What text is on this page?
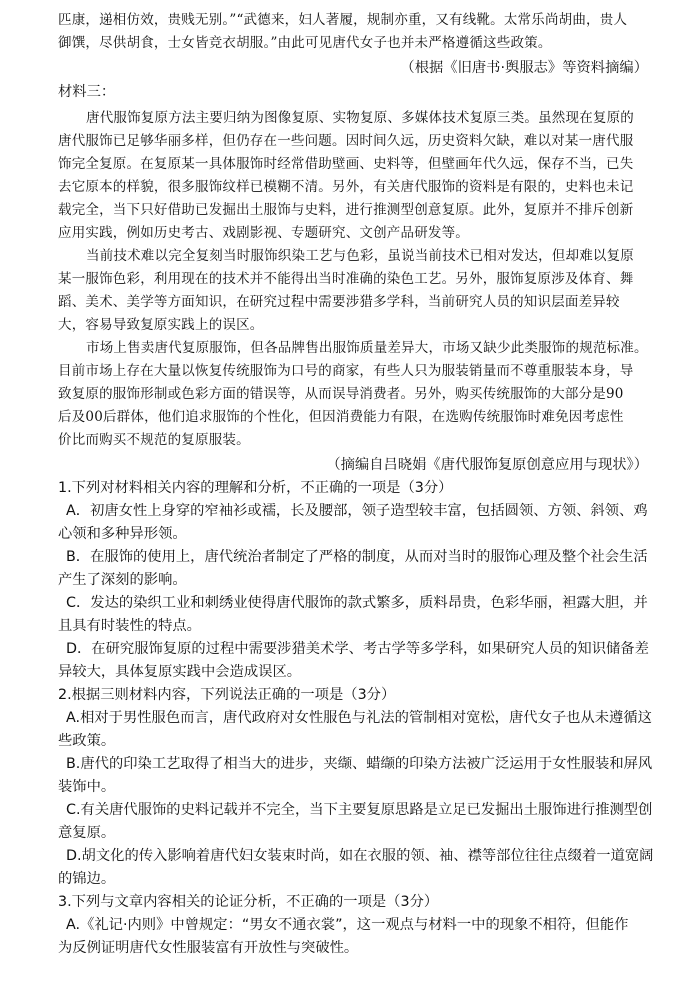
匹康，递相仿效，贵贱无别。”“武德来，妇人著履，规制亦重，又有线靴。太常乐尚胡曲，贵人
御馔，尽供胡食，士女皆竞衣胡服。”由此可见唐代女子也并未严格遵循这些政策。
（根据《旧唐书·舆服志》等资料摘编）
材料三：
唐代服饰复原方法主要归纳为图像复原、实物复原、多媒体技术复原三类。虽然现在复原的
唐代服饰已足够华丽多样，但仍存在一些问题。因时间久远，历史资料欠缺，难以对某一唐代服
饰完全复原。在复原某一具体服饰时经常借助壁画、史料等，但壁画年代久远，保存不当，已失
去它原本的样貌，很多服饰纹样已模糊不清。另外，有关唐代服饰的资料是有限的，史料也未记
载完全，当下只好借助已发掘出土服饰与史料，进行推测型创意复原。此外，复原并不排斥创新
应用实践，例如历史考古、戏剧影视、专题研究、文创产品研发等。
当前技术难以完全复刻当时服饰织染工艺与色彩，虽说当前技术已相对发达，但却难以复原
某一服饰色彩，利用现在的技术并不能得出当时准确的染色工艺。另外，服饰复原涉及体育、舞
蹈、美术、美学等方面知识，在研究过程中需要涉猎多学科，当前研究人员的知识层面差异较
大，容易导致复原实践上的误区。
市场上售卖唐代复原服饰，但各品牌售出服饰质量差异大，市场又缺少此类服饰的规范标准。
目前市场上存在大量以恢复传统服饰为口号的商家，有些人只为服装销量而不尊重服装本身，导
致复原的服饰形制或色彩方面的错误等，从而误导消费者。另外，购买传统服饰的大部分是90
后及00后群体，他们追求服饰的个性化，但因消费能力有限，在选购传统服饰时难免因考虑性
价比而购买不规范的复原服装。
（摘编自吕晓娟《唐代服饰复原创意应用与现状》）
1.下列对材料相关内容的理解和分析，不正确的一项是（3分）
A．初唐女性上身穿的窄袖衫或襦，长及腰部，领子造型较丰富，包括圆领、方领、斜领、鸡
心领和多种异形领。
B．在服饰的使用上，唐代统治者制定了严格的制度，从而对当时的服饰心理及整个社会生活
产生了深刻的影响。
C．发达的染织工业和刺绣业使得唐代服饰的款式繁多，质料昂贵，色彩华丽，袒露大胆，并
且具有时装性的特点。
D．在研究服饰复原的过程中需要涉猎美术学、考古学等多学科，如果研究人员的知识储备差
异较大，具体复原实践中会造成误区。
2.根据三则材料内容，下列说法正确的一项是（3分）
A.相对于男性服色而言，唐代政府对女性服色与礼法的管制相对宽松，唐代女子也从未遵循这
些政策。
B.唐代的印染工艺取得了相当大的进步，夹缬、蜡缬的印染方法被广泛运用于女性服装和屏风
装饰中。
C.有关唐代服饰的史料记载并不完全，当下主要复原思路是立足已发掘出土服饰进行推测型创
意复原。
D.胡文化的传入影响着唐代妇女装束时尚，如在衣服的领、袖、襟等部位往往点缀着一道宽阔
的锦边。
3.下列与文章内容相关的论证分析，不正确的一项是（3分）
A.《礼记·内则》中曾规定：“男女不通衣裳”，这一观点与材料一中的现象不相符，但能作
为反例证明唐代女性服装富有开放性与突破性。
